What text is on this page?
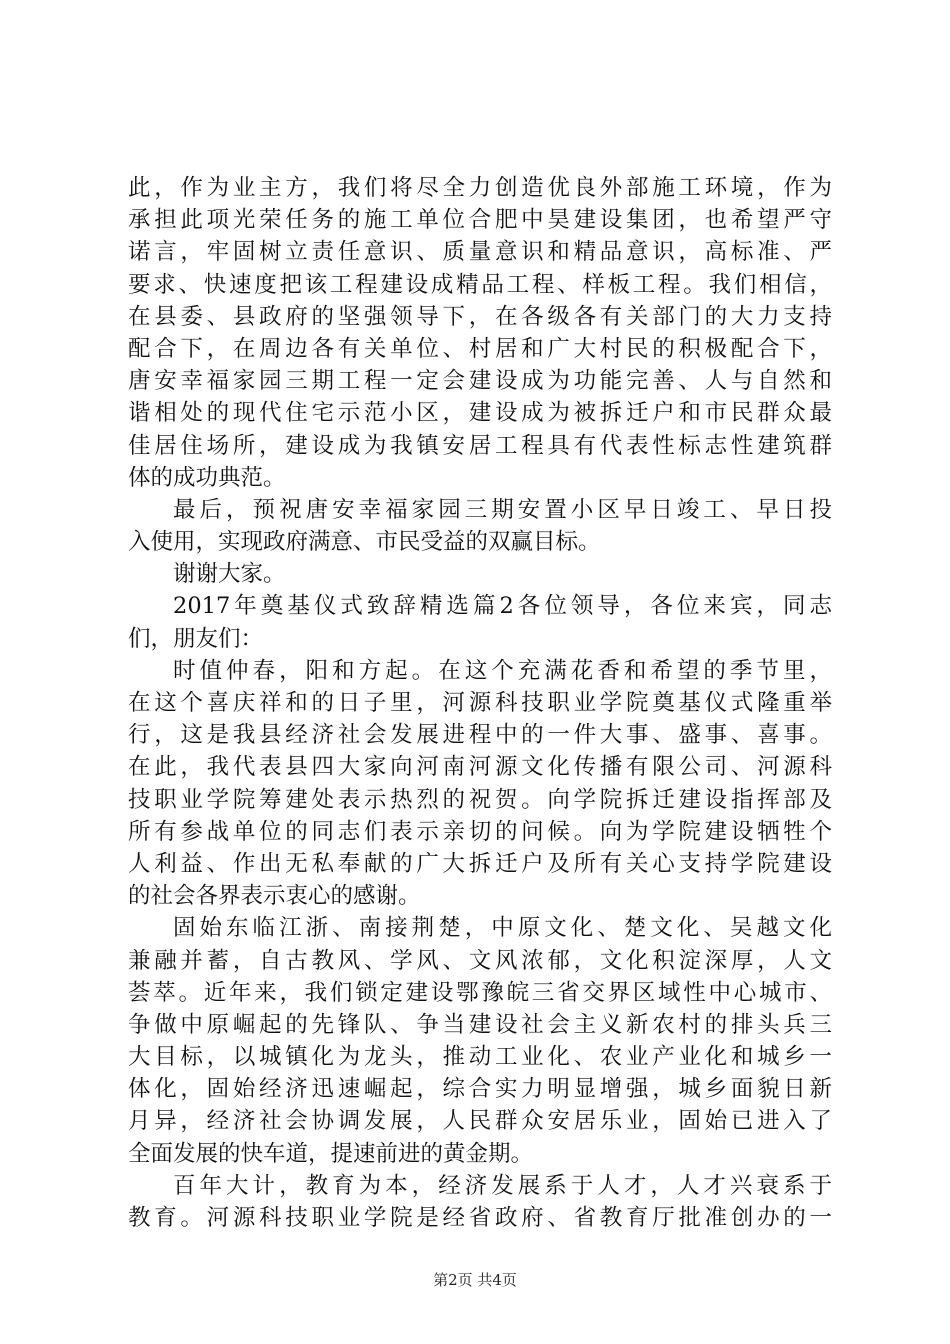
此，作为业主方，我们将尽全力创造优良外部施工环境，作为
承担此项光荣任务的施工单位合肥中昊建设集团，也希望严守
诺言，牢固树立责任意识、质量意识和精品意识，高标准、严
要求、快速度把该工程建设成精品工程、样板工程。我们相信，
在县委、县政府的坚强领导下，在各级各有关部门的大力支持
配合下，在周边各有关单位、村居和广大村民的积极配合下，
唐安幸福家园三期工程一定会建设成为功能完善、人与自然和
谐相处的现代住宅示范小区，建设成为被拆迁户和市民群众最
佳居住场所，建设成为我镇安居工程具有代表性标志性建筑群
体的成功典范。
最后，预祝唐安幸福家园三期安置小区早日竣工、早日投
入使用，实现政府满意、市民受益的双赢目标。
谢谢大家。
2017年奠基仪式致辞精选篇2各位领导，各位来宾，同志
们，朋友们：
时值仲春，阳和方起。在这个充满花香和希望的季节里，
在这个喜庆祥和的日子里，河源科技职业学院奠基仪式隆重举
行，这是我县经济社会发展进程中的一件大事、盛事、喜事。
在此，我代表县四大家向河南河源文化传播有限公司、河源科
技职业学院筹建处表示热烈的祝贺。向学院拆迁建设指挥部及
所有参战单位的同志们表示亲切的问候。向为学院建设牺牲个
人利益、作出无私奉献的广大拆迁户及所有关心支持学院建设
的社会各界表示衷心的感谢。
固始东临江浙、南接荆楚，中原文化、楚文化、吴越文化
兼融并蓄，自古教风、学风、文风浓郁，文化积淀深厚，人文
荟萃。近年来，我们锁定建设鄂豫皖三省交界区域性中心城市、
争做中原崛起的先锋队、争当建设社会主义新农村的排头兵三
大目标，以城镇化为龙头，推动工业化、农业产业化和城乡一
体化，固始经济迅速崛起，综合实力明显增强，城乡面貌日新
月异，经济社会协调发展，人民群众安居乐业，固始已进入了
全面发展的快车道，提速前进的黄金期。
百年大计，教育为本，经济发展系于人才，人才兴衰系于
教育。河源科技职业学院是经省政府、省教育厅批准创办的一
第2页 共4页
